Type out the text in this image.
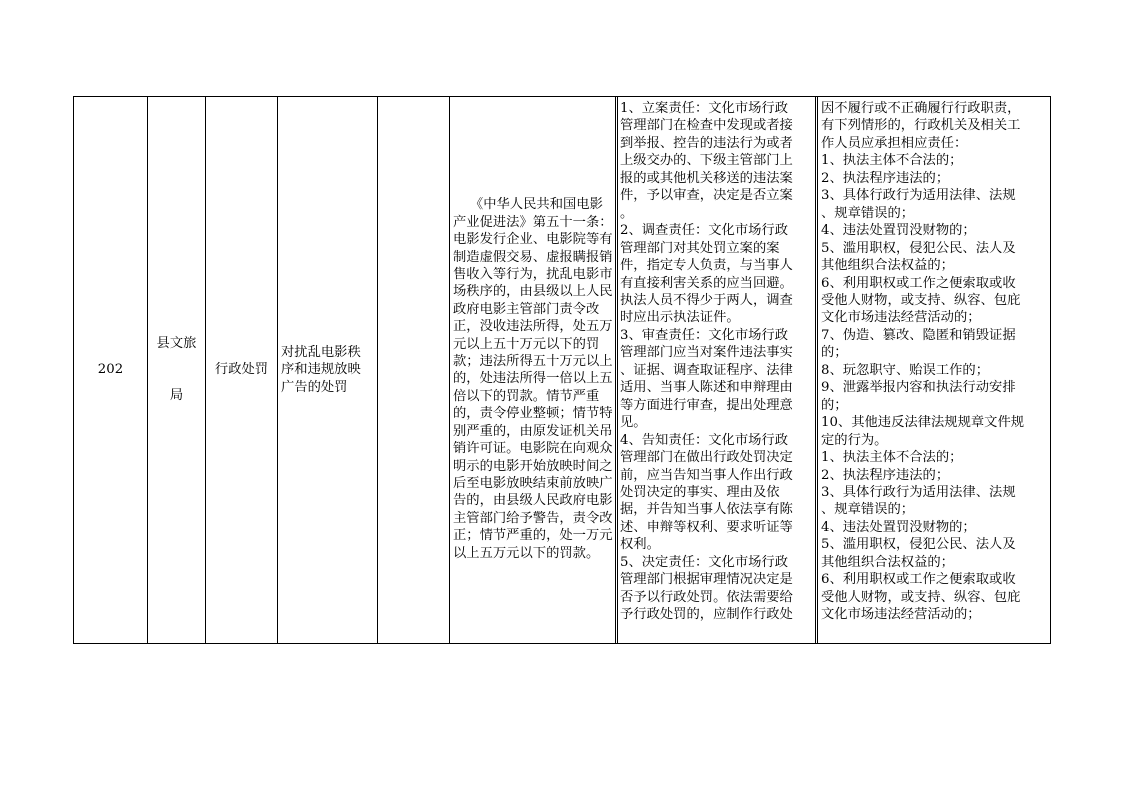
202

县文旅

局

行政处罚
对扰乱电影秩序和违规放映广告的处罚

《中华人民共和国电影产业促进法》第五十一条：电影发行企业、电影院等有制造虚假交易、虚报瞒报销售收入等行为，扰乱电影市场秩序的，由县级以上人民政府电影主管部门责令改正，没收违法所得，处五万元以上五十万元以下的罚款；违法所得五十万元以上的，处违法所得一倍以上五倍以下的罚款。情节严重的，责令停业整顿；情节特别严重的，由原发证机关吊销许可证。电影院在向观众明示的电影开始放映时间之后至电影放映结束前放映广告的，由县级人民政府电影主管部门给予警告，责令改正；情节严重的，处一万元以上五万元以下的罚款。

1、立案责任：文化市场行政
管理部门在检查中发现或者接
到举报、控告的违法行为或者
上级交办的、下级主管部门上
报的或其他机关移送的违法案
件，予以审查，决定是否立案
。
2、调查责任：文化市场行政
管理部门对其处罚立案的案
件，指定专人负责，与当事人
有直接利害关系的应当回避。
执法人员不得少于两人，调查
时应出示执法证件。
3、审查责任：文化市场行政
管理部门应当对案件违法事实
、证据、调查取证程序、法律
适用、当事人陈述和申辩理由
等方面进行审查，提出处理意
见。
4、告知责任：文化市场行政
管理部门在做出行政处罚决定
前，应当告知当事人作出行政
处罚决定的事实、理由及依
据，并告知当事人依法享有陈
述、申辩等权利、要求听证等
权利。
5、决定责任：文化市场行政
管理部门根据审理情况决定是
否予以行政处罚。依法需要给
予行政处罚的，应制作行政处
因不履行或不正确履行行政职责，
有下列情形的，行政机关及相关工
作人员应承担相应责任：
1、执法主体不合法的；
2、执法程序违法的；
3、具体行政行为适用法律、法规
、规章错误的；
4、违法处置罚没财物的；
5、滥用职权，侵犯公民、法人及
其他组织合法权益的；
6、利用职权或工作之便索取或收
受他人财物，或支持、纵容、包庇
文化市场违法经营活动的；
7、伪造、篡改、隐匿和销毁证据
的；
8、玩忽职守、贻误工作的；
9、泄露举报内容和执法行动安排
的；
10、其他违反法律法规规章文件规
定的行为。
1、执法主体不合法的；
2、执法程序违法的；
3、具体行政行为适用法律、法规
、规章错误的；
4、违法处置罚没财物的；
5、滥用职权，侵犯公民、法人及
其他组织合法权益的；
6、利用职权或工作之便索取或收
受他人财物，或支持、纵容、包庇
文化市场违法经营活动的；
